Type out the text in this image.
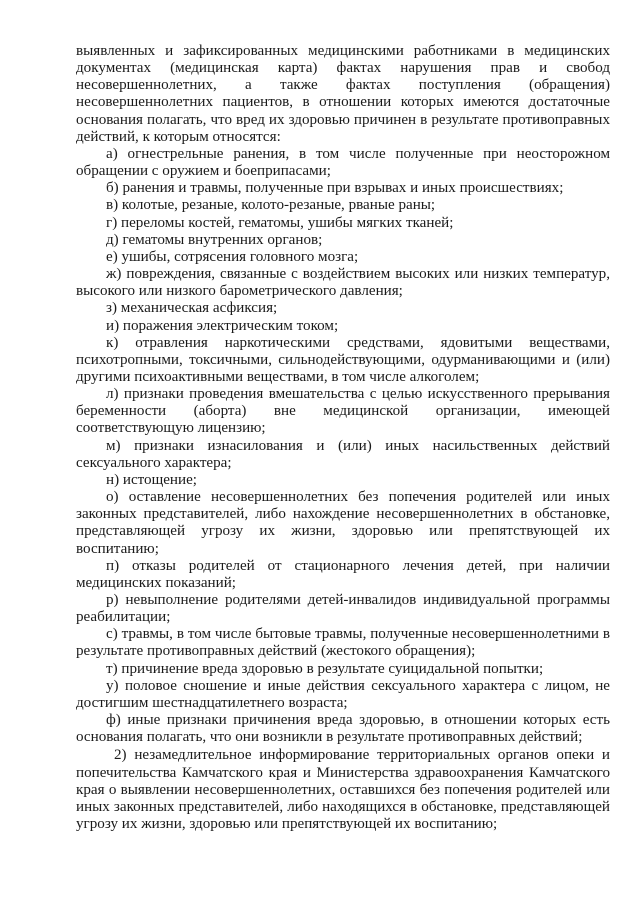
выявленных и зафиксированных медицинскими работниками в медицинских документах (медицинская карта) фактах нарушения прав и свобод несовершеннолетних, а также фактах поступления (обращения) несовершеннолетних пациентов, в отношении которых имеются достаточные основания полагать, что вред их здоровью причинен в результате противоправных действий, к которым относятся:

а) огнестрельные ранения, в том числе полученные при неосторожном обращении с оружием и боеприпасами;

б) ранения и травмы, полученные при взрывах и иных происшествиях;

в) колотые, резаные, колото-резаные, рваные раны;

г) переломы костей, гематомы, ушибы мягких тканей;

д) гематомы внутренних органов;

е) ушибы, сотрясения головного мозга;

ж) повреждения, связанные с воздействием высоких или низких температур, высокого или низкого барометрического давления;

з) механическая асфиксия;

и) поражения электрическим током;

к) отравления наркотическими средствами, ядовитыми веществами, психотропными, токсичными, сильнодействующими, одурманивающими и (или) другими психоактивными веществами, в том числе алкоголем;

л) признаки проведения вмешательства с целью искусственного прерывания беременности (аборта) вне медицинской организации, имеющей соответствующую лицензию;

м) признаки изнасилования и (или) иных насильственных действий сексуального характера;

н) истощение;

о) оставление несовершеннолетних без попечения родителей или иных законных представителей, либо нахождение несовершеннолетних в обстановке, представляющей угрозу их жизни, здоровью или препятствующей их воспитанию;

п) отказы родителей от стационарного лечения детей, при наличии медицинских показаний;

р) невыполнение родителями детей-инвалидов индивидуальной программы реабилитации;

с) травмы, в том числе бытовые травмы, полученные несовершеннолетними в результате противоправных действий (жестокого обращения);

т) причинение вреда здоровью в результате суицидальной попытки;

у) половое сношение и иные действия сексуального характера с лицом, не достигшим шестнадцатилетнего возраста;

ф) иные признаки причинения вреда здоровью, в отношении которых есть основания полагать, что они возникли в результате противоправных действий;

2) незамедлительное информирование территориальных органов опеки и попечительства Камчатского края и Министерства здравоохранения Камчатского края о выявлении несовершеннолетних, оставшихся без попечения родителей или иных законных представителей, либо находящихся в обстановке, представляющей угрозу их жизни, здоровью или препятствующей их воспитанию;
